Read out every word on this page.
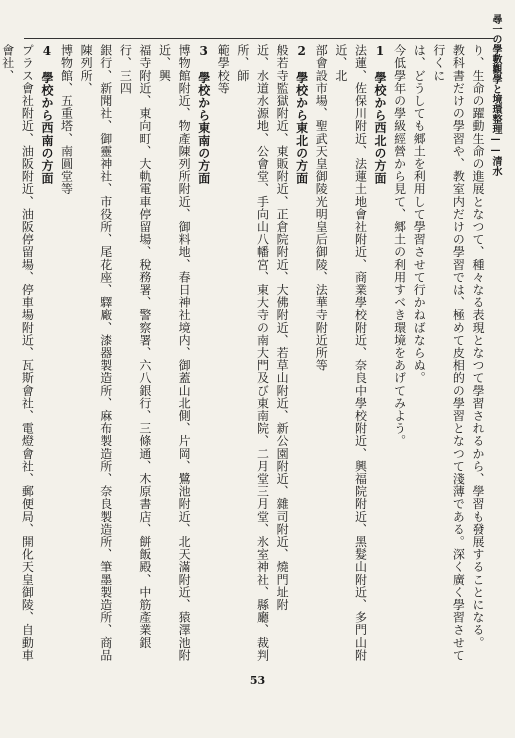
尋一の學數觀學と境環整理——清水

り、生命の躍動生命の進展となつて、種々なる表現となつて學習されるから、學習も發展することになる。

教科書だけの學習や、教室内だけの學習では、極めて皮相的の學習となつて淺薄である。深く廣く學習させて行くに

は、どうしても郷土を利用して學習させて行かねばならぬ。

今低學年の學級經營から見て、郷土の利用すべき環境をあげてみよう。

1　學校から西北の方面

法蓮、佐保川附近、法蓮土地會社附近、商業學校附近、奈良中學校附近、興福院附近、黑髮山附近、多門山附近、北

部會設市場、聖武天皇御陵光明皇后御陵、法華寺附近所等

2　學校から東北の方面

般若寺監獄附近、東販附近、正倉院附近、大佛附近、若草山附近、新公園附近、雜司附近、燒門址附

近、水道水源地、公會堂、手向山八幡宮、東大寺の南大門及び東南院、二月堂三月堂、氷室神社、縣廳、裁判所、師

範學校等

3　學校から東南の方面

博物館附近、物產陳列所附近、御料地、春日神社境内、御蓋山北側、片岡、鷺池附近、北天滿附近、猿澤池附近、興

福寺附近、東向町、大軌電車停留場、稅務署、警察署、六八銀行、三條通、木原書店、餅飯殿、中筋產業銀行、三四

銀行、新聞社、御靈神社、市役所、尾花座、驛廠、漆器製造所、麻布製造所、奈良製造所、筆墨製造所、商品陳列所、

博物館、五重塔、南圓堂等

4　學校から西南の方面

プラス會社附近、油阪附近、油阪停留場、停車場附近、瓦斯會社、電燈會社、郵便局、開化天皇御陵、自動車會社、

53
